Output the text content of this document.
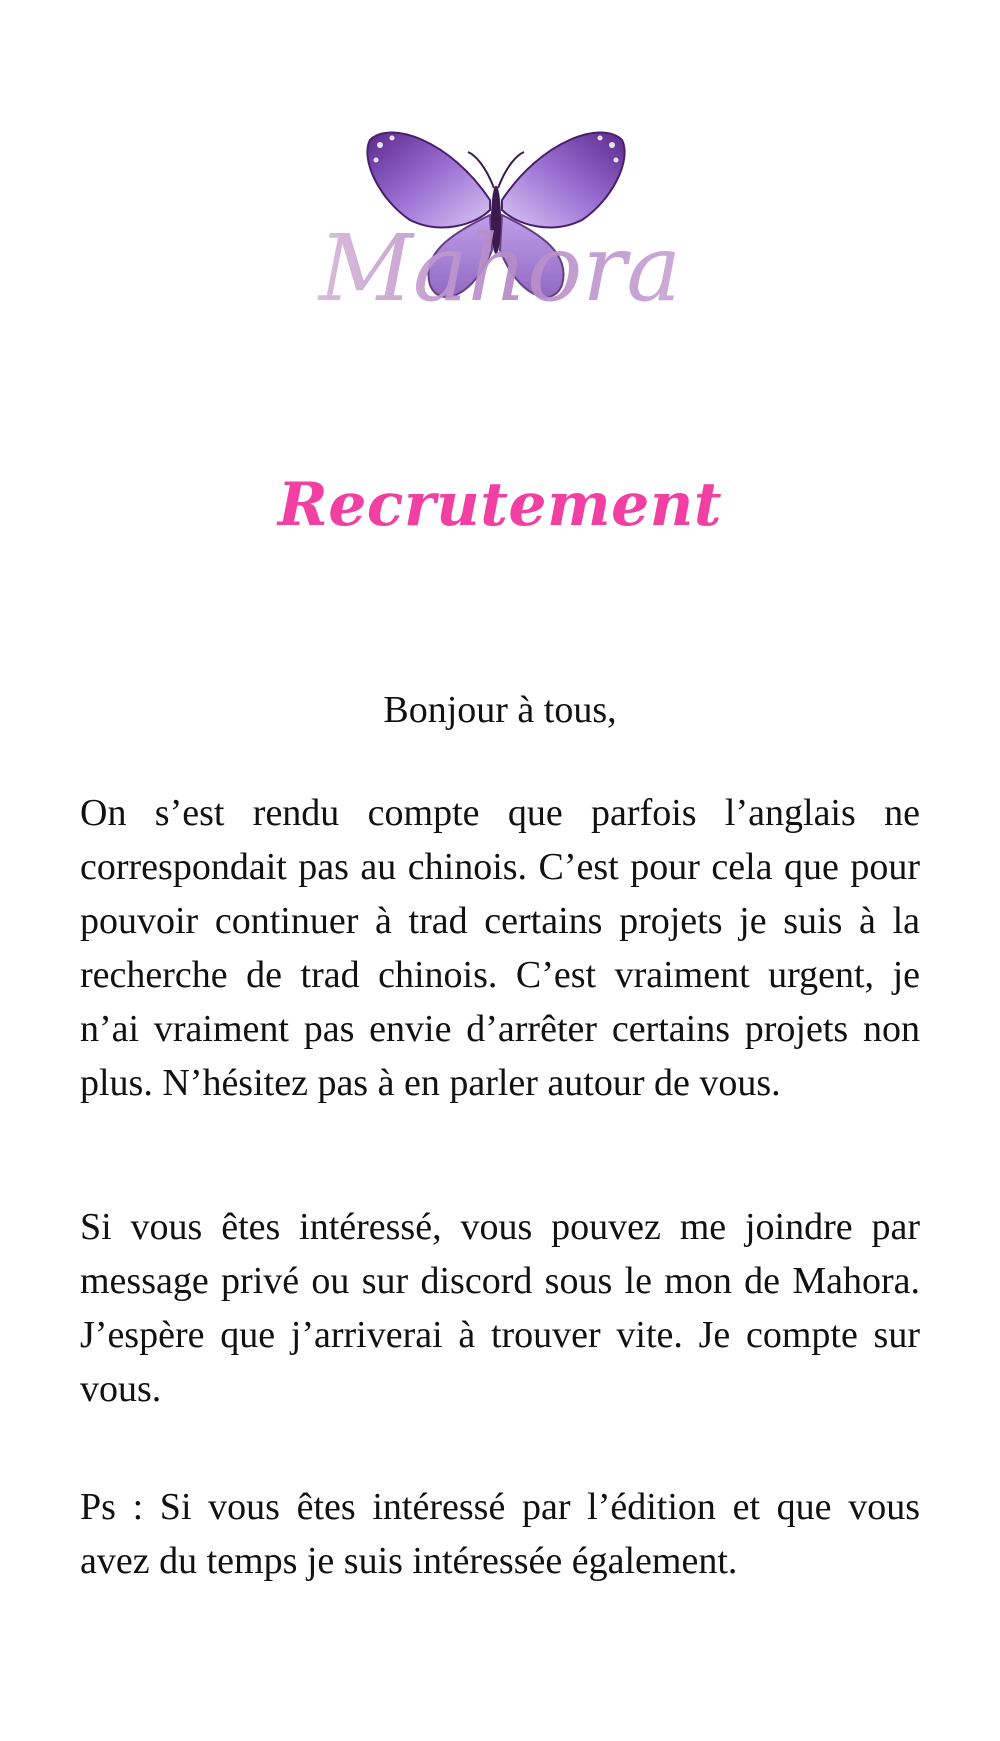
Mahora
Recrutement
Bonjour à tous,

On s’est rendu compte que parfois l’anglais ne correspondait pas au chinois. C’est pour cela que pour pouvoir continuer à trad certains projets je suis à la recherche de trad chinois. C’est vraiment urgent, je n’ai vraiment pas envie d’arrêter certains projets non plus. N’hésitez pas à en parler autour de vous.

Si vous êtes intéressé, vous pouvez me joindre par message privé ou sur discord sous le mon de Mahora. J’espère que j’arriverai à trouver vite. Je compte sur vous.

Ps : Si vous êtes intéressé par l’édition et que vous avez du temps je suis intéressée également.
